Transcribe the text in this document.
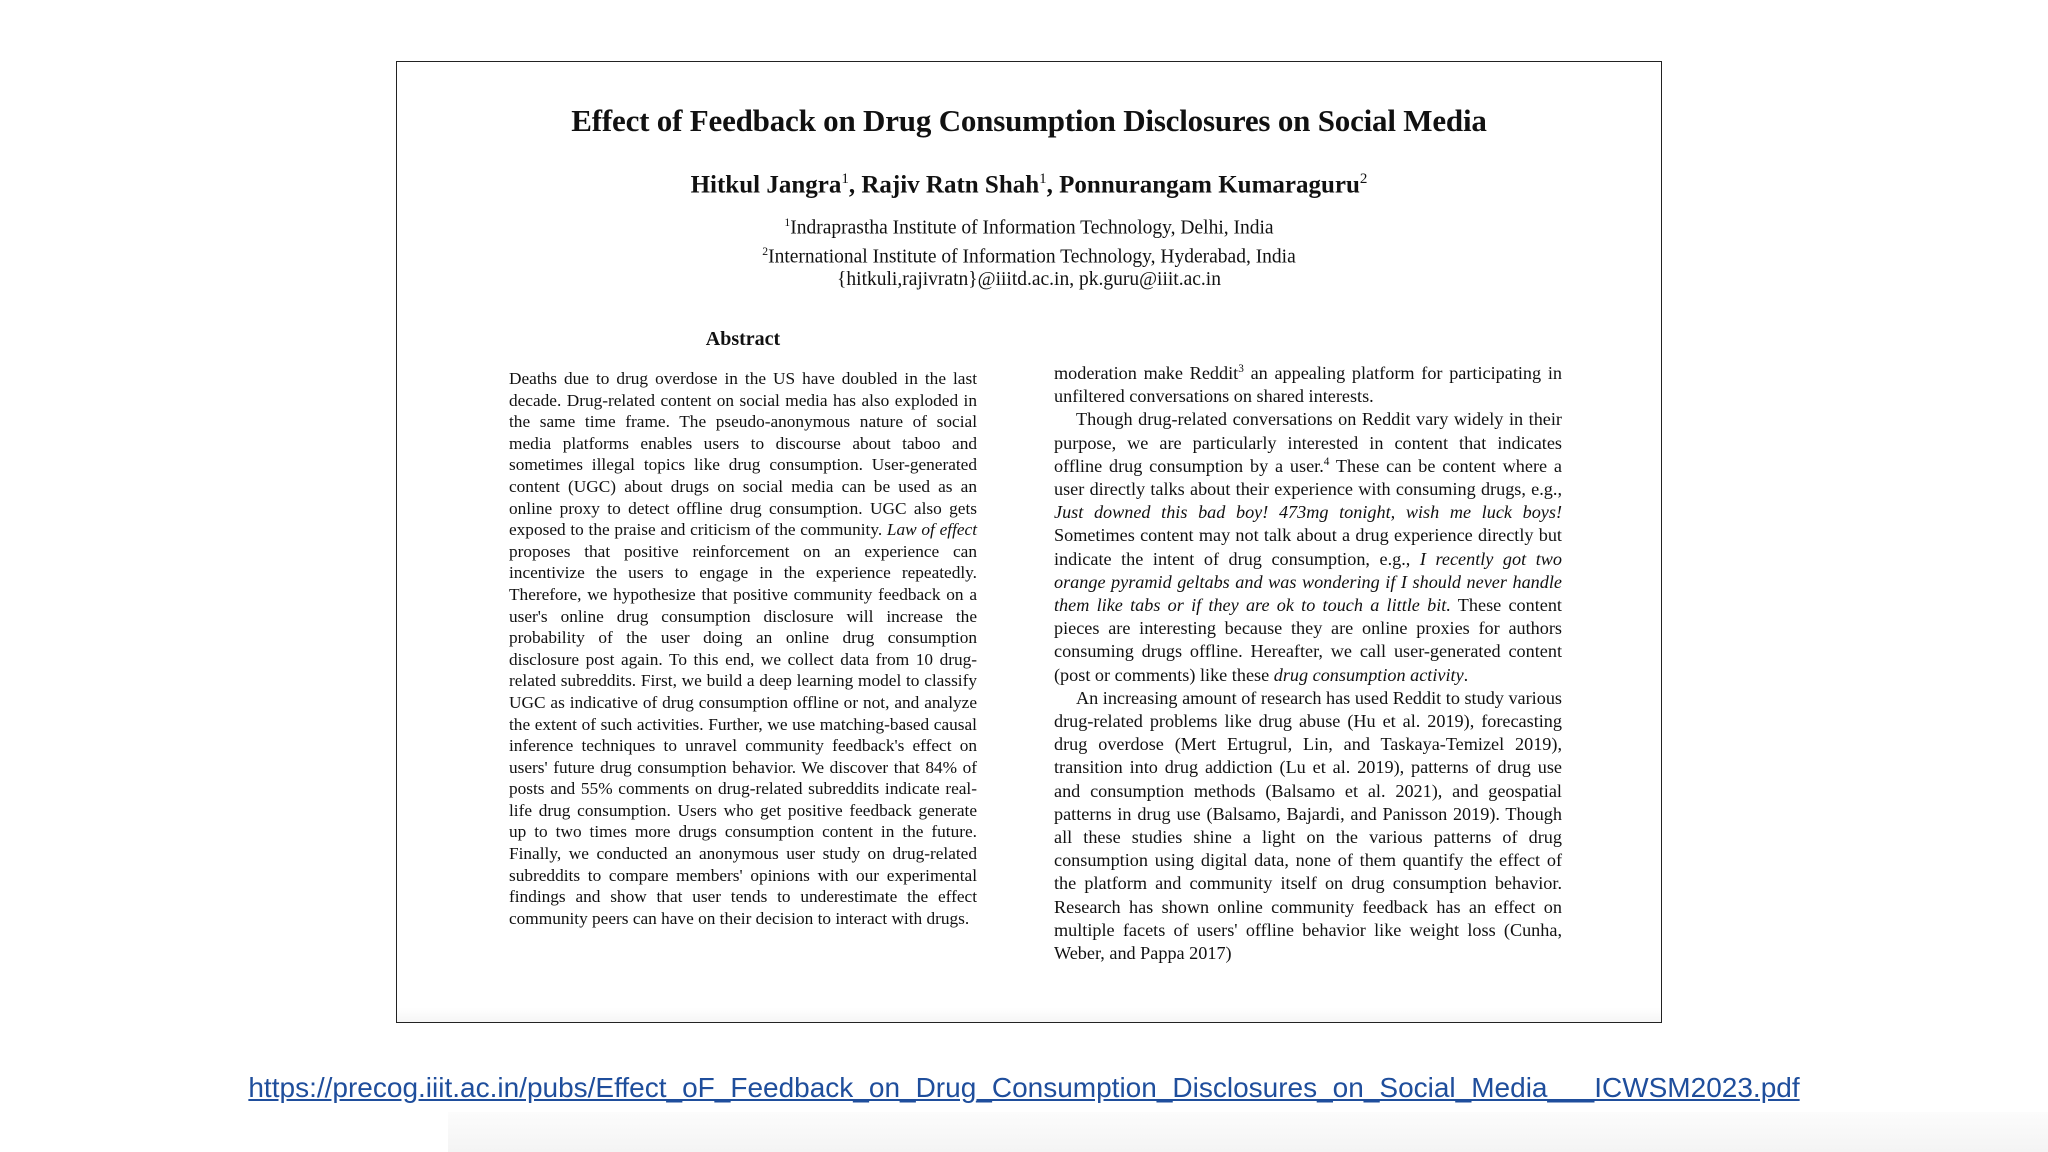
Effect of Feedback on Drug Consumption Disclosures on Social Media
Hitkul Jangra$^1$, Rajiv Ratn Shah$^1$, Ponnurangam Kumaraguru$^2$
$^1$Indraprastha Institute of Information Technology, Delhi, India
$^2$International Institute of Information Technology, Hyderabad, India
{hitkuli,rajivratn}@iiitd.ac.in, pk.guru@iiit.ac.in
Abstract

Deaths due to drug overdose in the US have doubled in the last decade. Drug-related content on social media has also exploded in the same time frame. The pseudo-anonymous nature of social media platforms enables users to discourse about taboo and sometimes illegal topics like drug consumption. User-generated content (UGC) about drugs on social media can be used as an online proxy to detect offline drug consumption. UGC also gets exposed to the praise and criticism of the community. Law of effect proposes that positive reinforcement on an experience can incentivize the users to engage in the experience repeatedly. Therefore, we hypothesize that positive community feedback on a user's online drug consumption disclosure will increase the probability of the user doing an online drug consumption disclosure post again. To this end, we collect data from 10 drug-related subreddits. First, we build a deep learning model to classify UGC as indicative of drug consumption offline or not, and analyze the extent of such activities. Further, we use matching-based causal inference techniques to unravel community feedback's effect on users' future drug consumption behavior. We discover that 84% of posts and 55% comments on drug-related subreddits indicate real-life drug consumption. Users who get positive feedback generate up to two times more drugs consumption content in the future. Finally, we conducted an anonymous user study on drug-related subreddits to compare members' opinions with our experimental findings and show that user tends to underestimate the effect community peers can have on their decision to interact with drugs.

moderation make Reddit$^3$ an appealing platform for participating in unfiltered conversations on shared interests.

Though drug-related conversations on Reddit vary widely in their purpose, we are particularly interested in content that indicates offline drug consumption by a user.$^4$ These can be content where a user directly talks about their experience with consuming drugs, e.g., Just downed this bad boy! 473mg tonight, wish me luck boys! Sometimes content may not talk about a drug experience directly but indicate the intent of drug consumption, e.g., I recently got two orange pyramid geltabs and was wondering if I should never handle them like tabs or if they are ok to touch a little bit. These content pieces are interesting because they are online proxies for authors consuming drugs offline. Hereafter, we call user-generated content (post or comments) like these drug consumption activity.

An increasing amount of research has used Reddit to study various drug-related problems like drug abuse (Hu et al. 2019), forecasting drug overdose (Mert Ertugrul, Lin, and Taskaya-Temizel 2019), transition into drug addiction (Lu et al. 2019), patterns of drug use and consumption methods (Balsamo et al. 2021), and geospatial patterns in drug use (Balsamo, Bajardi, and Panisson 2019). Though all these studies shine a light on the various patterns of drug consumption using digital data, none of them quantify the effect of the platform and community itself on drug consumption behavior. Research has shown online community feedback has an effect on multiple facets of users' offline behavior like weight loss (Cunha, Weber, and Pappa 2017)

https://precog.iiit.ac.in/pubs/Effect_oF_Feedback_on_Drug_Consumption_Disclosures_on_Social_Media___ICWSM2023.pdf
